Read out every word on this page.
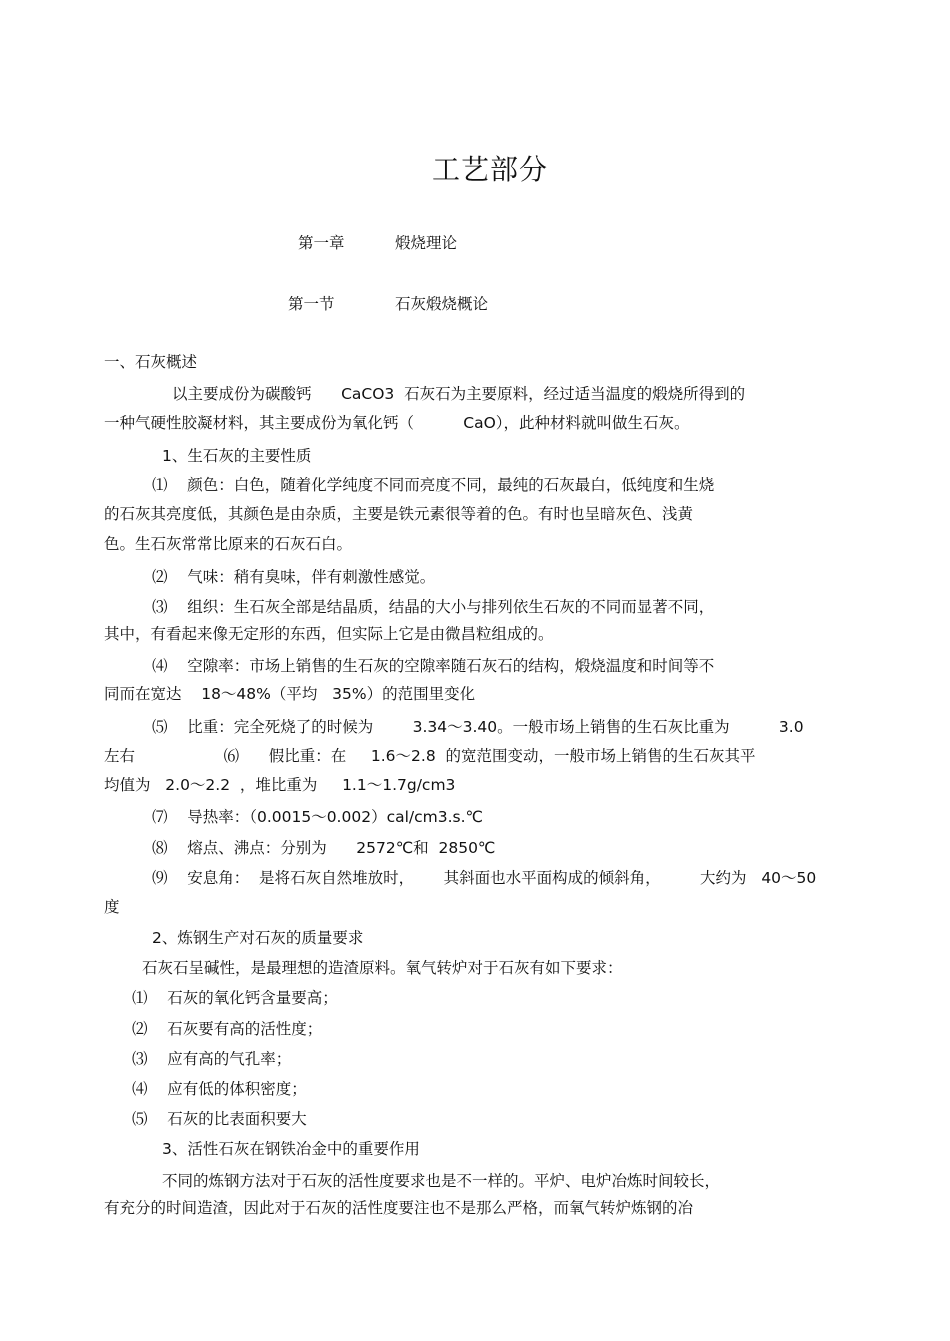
工艺部分
第一章	煅烧理论
第一节	石灰煅烧概论
一、石灰概述
以主要成份为碳酸钙      CaCO3  石灰石为主要原料，经过适当温度的煅烧所得到的
一种气硬性胶凝材料，其主要成份为氧化钙（          CaO），此种材料就叫做生石灰。
1、生石灰的主要性质
⑴    颜色：白色，随着化学纯度不同而亮度不同，最纯的石灰最白，低纯度和生烧
的石灰其亮度低，其颜色是由杂质，主要是铁元素很等着的色。有时也呈暗灰色、浅黄
色。生石灰常常比原来的石灰石白。
⑵    气味：稍有臭味，伴有刺激性感觉。
⑶    组织：生石灰全部是结晶质，结晶的大小与排列依生石灰的不同而显著不同，
其中，有看起来像无定形的东西，但实际上它是由微昌粒组成的。
⑷    空隙率：市场上销售的生石灰的空隙率随石灰石的结构，煅烧温度和时间等不
同而在宽达    18～48%（平均   35%）的范围里变化
⑸    比重：完全死烧了的时候为        3.34～3.40。一般市场上销售的生石灰比重为          3.0
左右                  ⑹      假比重：在     1.6～2.8  的宽范围变动，一般市场上销售的生石灰其平
均值为   2.0～2.2  ，堆比重为     1.1～1.7g/cm3
⑺    导热率：（0.0015～0.002）cal/cm3.s.℃
⑻    熔点、沸点：分别为      2572℃和  2850℃
⑼    安息角：  是将石灰自然堆放时，      其斜面也水平面构成的倾斜角，        大约为   40～50
度
2、炼钢生产对石灰的质量要求
石灰石呈碱性，是最理想的造渣原料。氧气转炉对于石灰有如下要求：
⑴    石灰的氧化钙含量要高；
⑵    石灰要有高的活性度；
⑶    应有高的气孔率；
⑷    应有低的体积密度；
⑸    石灰的比表面积要大
3、活性石灰在钢铁冶金中的重要作用
不同的炼钢方法对于石灰的活性度要求也是不一样的。平炉、电炉冶炼时间较长，
有充分的时间造渣，因此对于石灰的活性度要注也不是那么严格，而氧气转炉炼钢的冶
